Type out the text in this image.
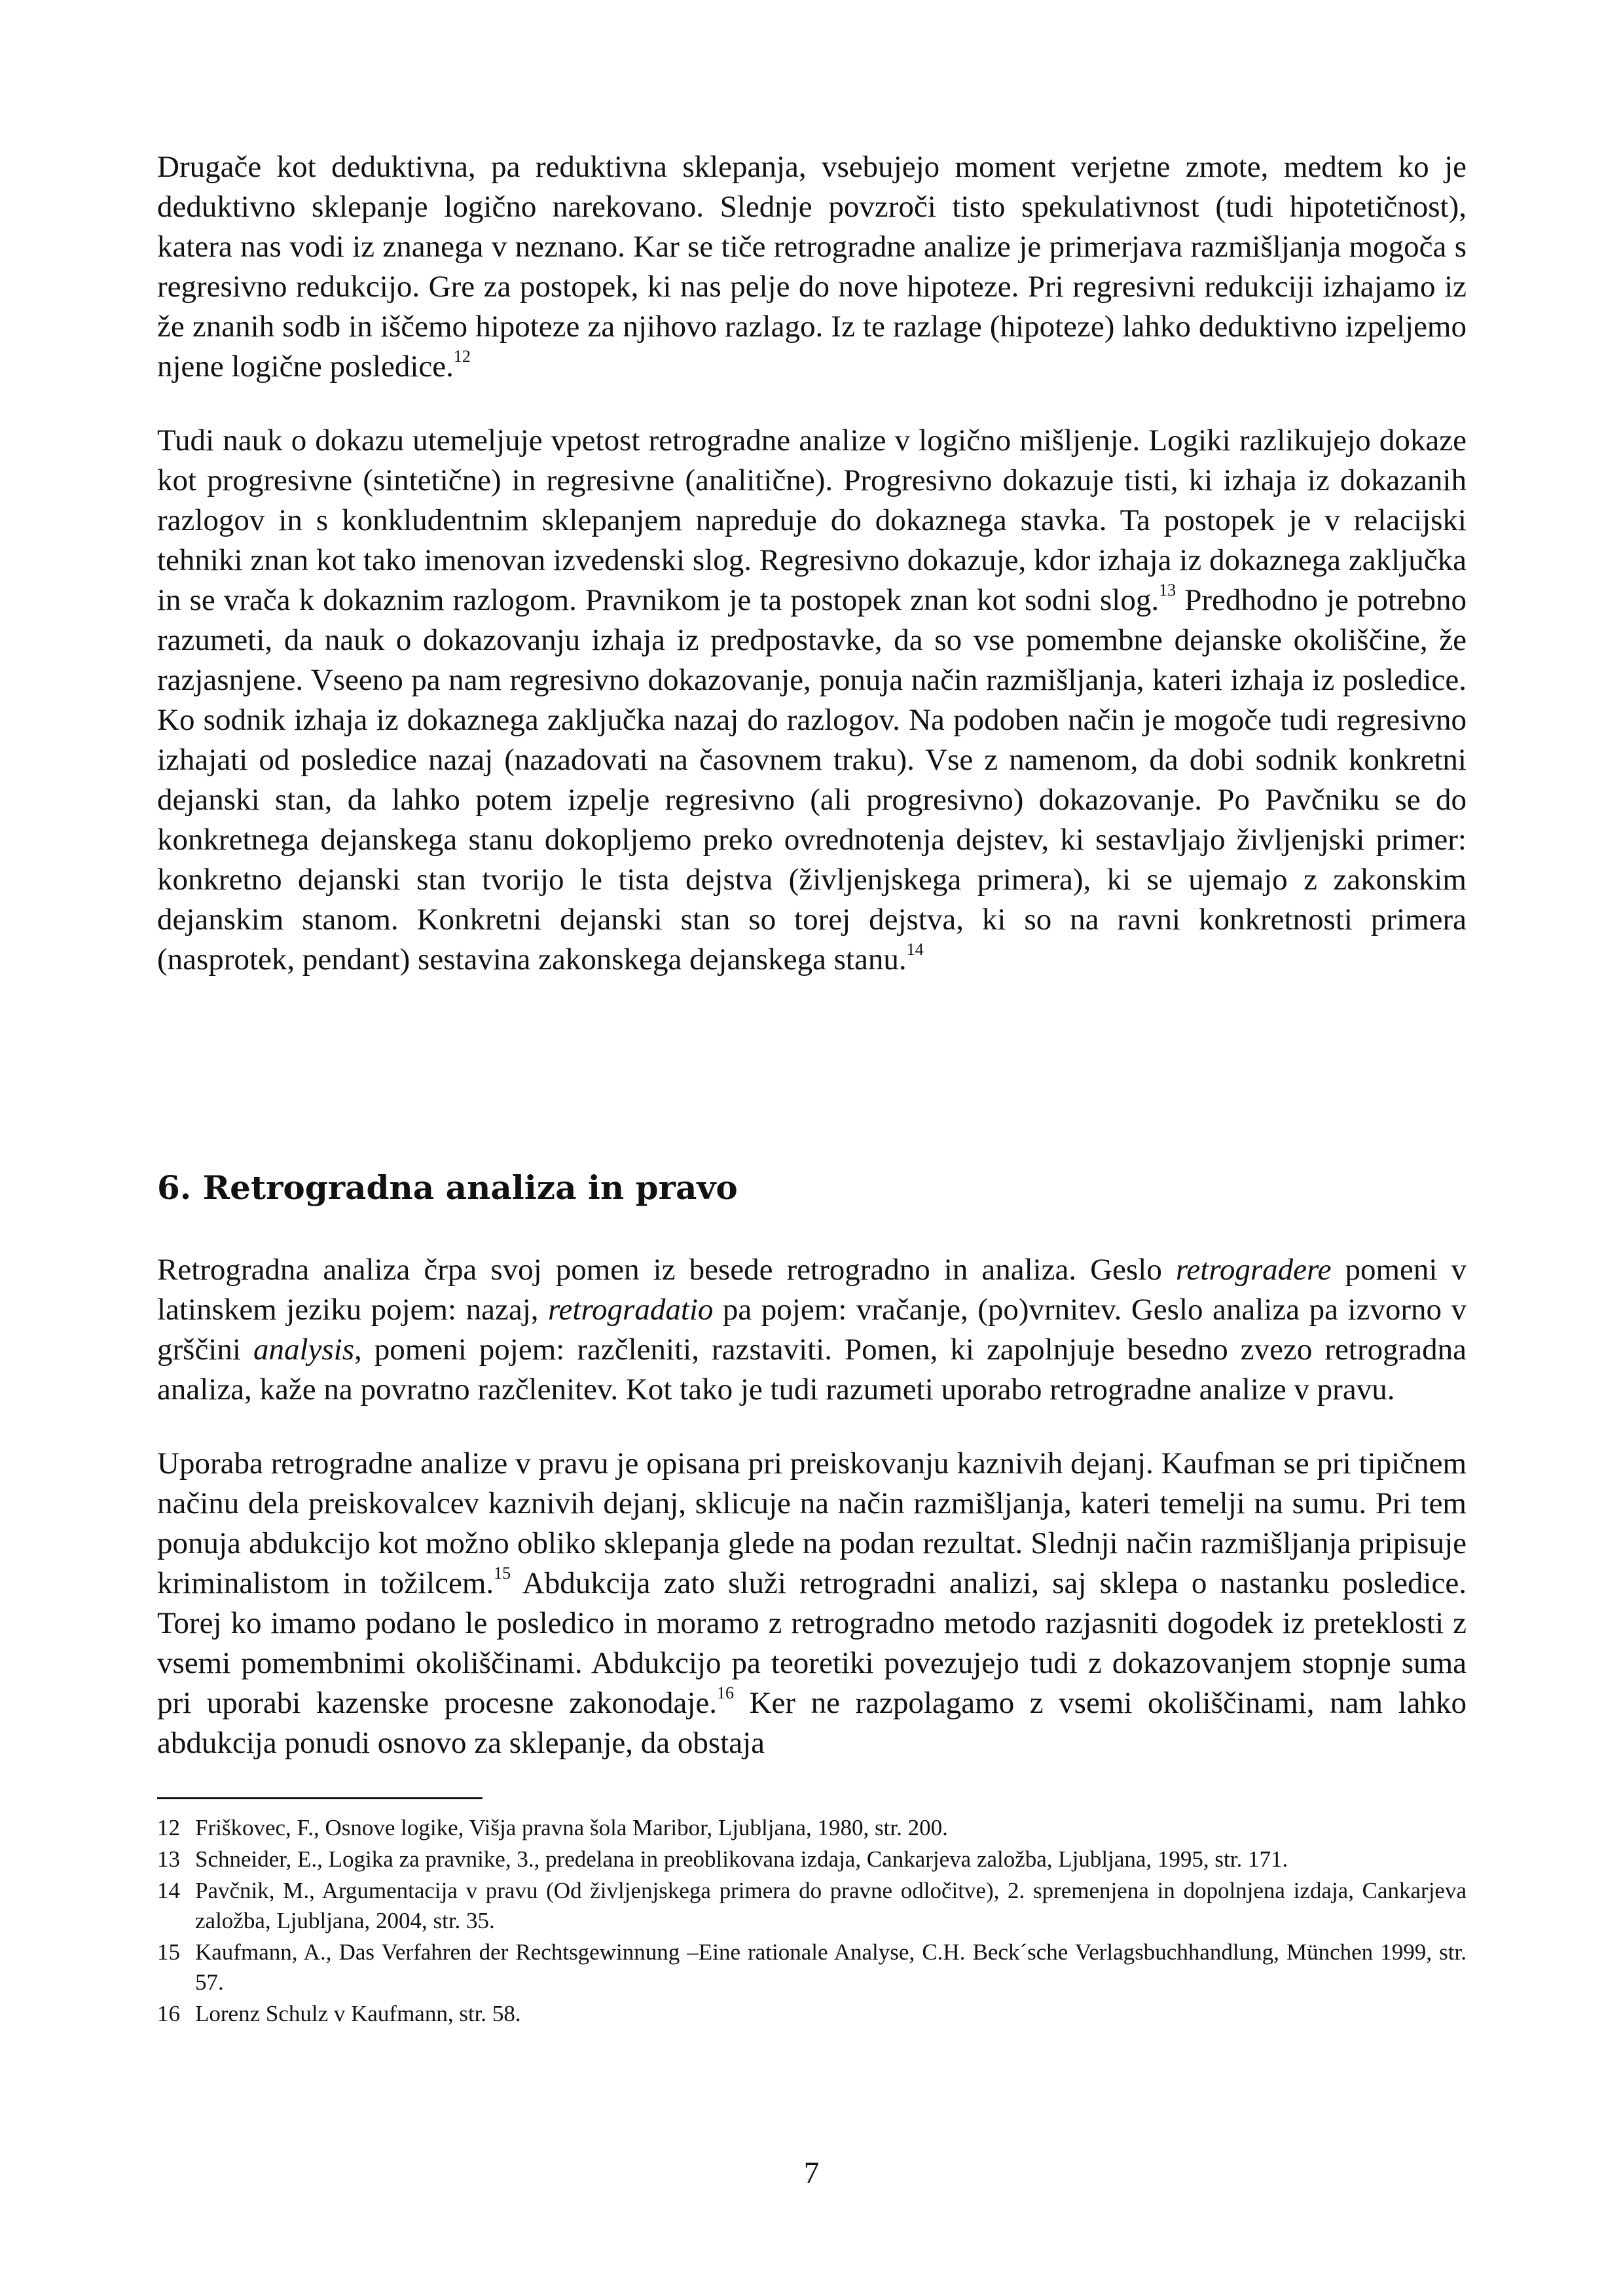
Drugače kot deduktivna, pa reduktivna sklepanja, vsebujejo moment verjetne zmote, medtem ko je deduktivno sklepanje logično narekovano. Slednje povzroči tisto spekulativnost (tudi hipotetičnost), katera nas vodi iz znanega v neznano. Kar se tiče retrogradne analize je primerjava razmišljanja mogoča s regresivno redukcijo. Gre za postopek, ki nas pelje do nove hipoteze. Pri regresivni redukciji izhajamo iz že znanih sodb in iščemo hipoteze za njihovo razlago. Iz te razlage (hipoteze) lahko deduktivno izpeljemo njene logične posledice.$^{12}$

Tudi nauk o dokazu utemeljuje vpetost retrogradne analize v logično mišljenje. Logiki razlikujejo dokaze kot progresivne (sintetične) in regresivne (analitične). Progresivno dokazuje tisti, ki izhaja iz dokazanih razlogov in s konkludentnim sklepanjem napreduje do dokaznega stavka. Ta postopek je v relacijski tehniki znan kot tako imenovan izvedenski slog. Regresivno dokazuje, kdor izhaja iz dokaznega zaključka in se vrača k dokaznim razlogom. Pravnikom je ta postopek znan kot sodni slog.$^{13}$ Predhodno je potrebno razumeti, da nauk o dokazovanju izhaja iz predpostavke, da so vse pomembne dejanske okoliščine, že razjasnjene. Vseeno pa nam regresivno dokazovanje, ponuja način razmišljanja, kateri izhaja iz posledice. Ko sodnik izhaja iz dokaznega zaključka nazaj do razlogov. Na podoben način je mogoče tudi regresivno izhajati od posledice nazaj (nazadovati na časovnem traku). Vse z namenom, da dobi sodnik konkretni dejanski stan, da lahko potem izpelje regresivno (ali progresivno) dokazovanje. Po Pavčniku se do konkretnega dejanskega stanu dokopljemo preko ovrednotenja dejstev, ki sestavljajo življenjski primer: konkretno dejanski stan tvorijo le tista dejstva (življenjskega primera), ki se ujemajo z zakonskim dejanskim stanom. Konkretni dejanski stan so torej dejstva, ki so na ravni konkretnosti primera (nasprotek, pendant) sestavina zakonskega dejanskega stanu.$^{14}$

6. Retrogradna analiza in pravo

Retrogradna analiza črpa svoj pomen iz besede retrogradno in analiza. Geslo retrogradere pomeni v latinskem jeziku pojem: nazaj, retrogradatio pa pojem: vračanje, (po)vrnitev. Geslo analiza pa izvorno v grščini analysis, pomeni pojem: razčleniti, razstaviti. Pomen, ki zapolnjuje besedno zvezo retrogradna analiza, kaže na povratno razčlenitev. Kot tako je tudi razumeti uporabo retrogradne analize v pravu.

Uporaba retrogradne analize v pravu je opisana pri preiskovanju kaznivih dejanj. Kaufman se pri tipičnem načinu dela preiskovalcev kaznivih dejanj, sklicuje na način razmišljanja, kateri temelji na sumu. Pri tem ponuja abdukcijo kot možno obliko sklepanja glede na podan rezultat. Slednji način razmišljanja pripisuje kriminalistom in tožilcem.$^{15}$ Abdukcija zato služi retrogradni analizi, saj sklepa o nastanku posledice. Torej ko imamo podano le posledico in moramo z retrogradno metodo razjasniti dogodek iz preteklosti z vsemi pomembnimi okoliščinami. Abdukcijo pa teoretiki povezujejo tudi z dokazovanjem stopnje suma pri uporabi kazenske procesne zakonodaje.$^{16}$ Ker ne razpolagamo z vsemi okoliščinami, nam lahko abdukcija ponudi osnovo za sklepanje, da obstaja

12 Friškovec, F., Osnove logike, Višja pravna šola Maribor, Ljubljana, 1980, str. 200.
13 Schneider, E., Logika za pravnike, 3., predelana in preoblikovana izdaja, Cankarjeva založba, Ljubljana, 1995, str. 171.
14 Pavčnik, M., Argumentacija v pravu (Od življenjskega primera do pravne odločitve), 2. spremenjena in dopolnjena izdaja, Cankarjeva založba, Ljubljana, 2004, str. 35.
15 Kaufmann, A., Das Verfahren der Rechtsgewinnung –Eine rationale Analyse, C.H. Beck´sche Verlagsbuchhandlung, München 1999, str. 57.
16 Lorenz Schulz v Kaufmann, str. 58.
7
